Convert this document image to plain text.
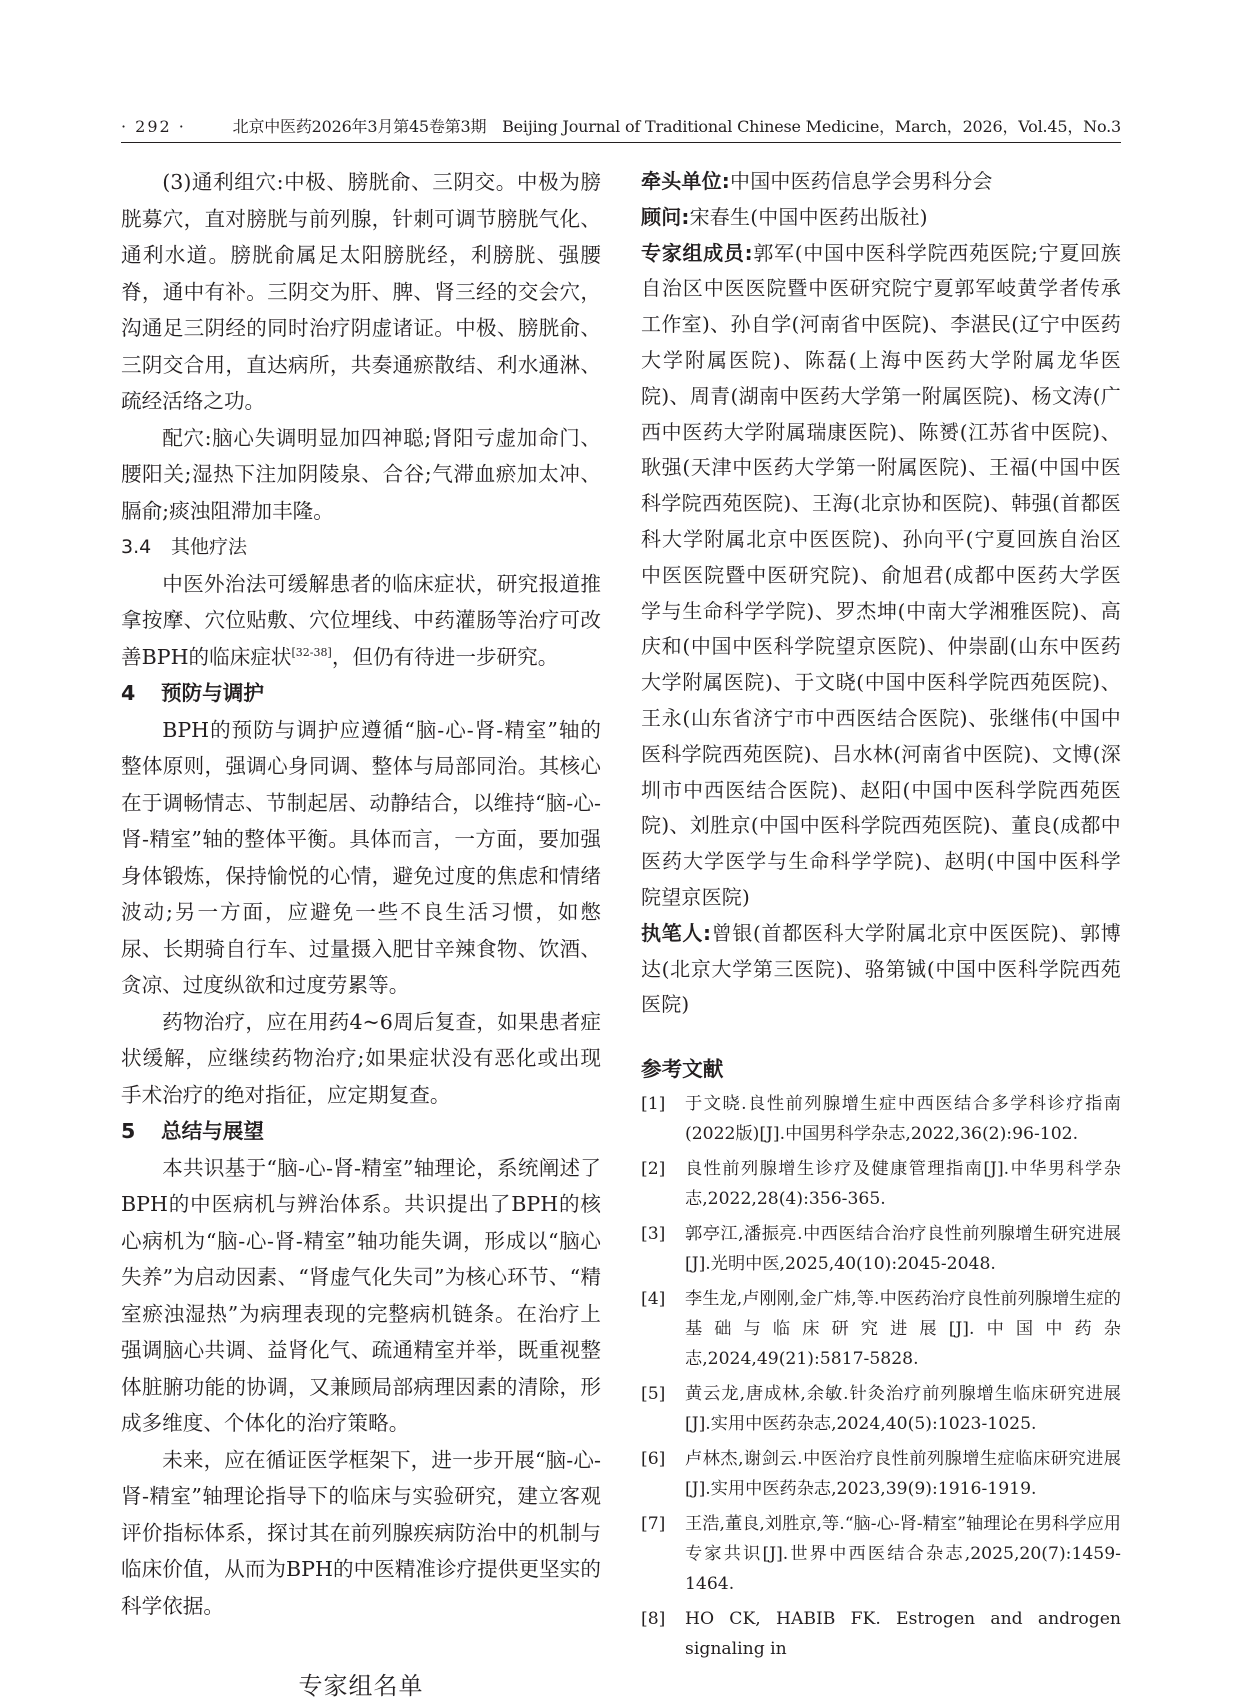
· 292 ·	北京中医药2026年3月第45卷第3期　Beijing Journal of Traditional Chinese Medicine，March，2026，Vol.45，No.3

(3)通利组穴:中极、膀胱俞、三阴交。中极为膀胱募穴，直对膀胱与前列腺，针刺可调节膀胱气化、通利水道。膀胱俞属足太阳膀胱经，利膀胱、强腰脊，通中有补。三阴交为肝、脾、肾三经的交会穴，沟通足三阴经的同时治疗阴虚诸证。中极、膀胱俞、三阴交合用，直达病所，共奏通瘀散结、利水通淋、疏经活络之功。

配穴:脑心失调明显加四神聪;肾阳亏虚加命门、腰阳关;湿热下注加阴陵泉、合谷;气滞血瘀加太冲、膈俞;痰浊阻滞加丰隆。

3.4 其他疗法

中医外治法可缓解患者的临床症状，研究报道推拿按摩、穴位贴敷、穴位埋线、中药灌肠等治疗可改善BPH的临床症状[32-38]，但仍有待进一步研究。

4 预防与调护

BPH的预防与调护应遵循“脑-心-肾-精室”轴的整体原则，强调心身同调、整体与局部同治。其核心在于调畅情志、节制起居、动静结合，以维持“脑-心-肾-精室”轴的整体平衡。具体而言，一方面，要加强身体锻炼，保持愉悦的心情，避免过度的焦虑和情绪波动;另一方面，应避免一些不良生活习惯，如憋尿、长期骑自行车、过量摄入肥甘辛辣食物、饮酒、贪凉、过度纵欲和过度劳累等。

药物治疗，应在用药4~6周后复查，如果患者症状缓解，应继续药物治疗;如果症状没有恶化或出现手术治疗的绝对指征，应定期复查。

5 总结与展望

本共识基于“脑-心-肾-精室”轴理论，系统阐述了BPH的中医病机与辨治体系。共识提出了BPH的核心病机为“脑-心-肾-精室”轴功能失调，形成以“脑心失养”为启动因素、“肾虚气化失司”为核心环节、“精室瘀浊湿热”为病理表现的完整病机链条。在治疗上强调脑心共调、益肾化气、疏通精室并举，既重视整体脏腑功能的协调，又兼顾局部病理因素的清除，形成多维度、个体化的治疗策略。

未来，应在循证医学框架下，进一步开展“脑-心-肾-精室”轴理论指导下的临床与实验研究，建立客观评价指标体系，探讨其在前列腺疾病防治中的机制与临床价值，从而为BPH的中医精准诊疗提供更坚实的科学依据。

专家组名单

牵头单位:中国中医药信息学会男科分会

顾问:宋春生(中国中医药出版社)

专家组成员:郭军(中国中医科学院西苑医院;宁夏回族自治区中医医院暨中医研究院宁夏郭军岐黄学者传承工作室)、孙自学(河南省中医院)、李湛民(辽宁中医药大学附属医院)、陈磊(上海中医药大学附属龙华医院)、周青(湖南中医药大学第一附属医院)、杨文涛(广西中医药大学附属瑞康医院)、陈赟(江苏省中医院)、耿强(天津中医药大学第一附属医院)、王福(中国中医科学院西苑医院)、王海(北京协和医院)、韩强(首都医科大学附属北京中医医院)、孙向平(宁夏回族自治区中医医院暨中医研究院)、俞旭君(成都中医药大学医学与生命科学学院)、罗杰坤(中南大学湘雅医院)、高庆和(中国中医科学院望京医院)、仲崇副(山东中医药大学附属医院)、于文晓(中国中医科学院西苑医院)、王永(山东省济宁市中西医结合医院)、张继伟(中国中医科学院西苑医院)、吕水林(河南省中医院)、文博(深圳市中西医结合医院)、赵阳(中国中医科学院西苑医院)、刘胜京(中国中医科学院西苑医院)、董良(成都中医药大学医学与生命科学学院)、赵明(中国中医科学院望京医院)

执笔人:曾银(首都医科大学附属北京中医医院)、郭博达(北京大学第三医院)、骆第铖(中国中医科学院西苑医院)

参考文献
[1]	于文晓.良性前列腺增生症中西医结合多学科诊疗指南(2022版)[J].中国男科学杂志,2022,36(2):96-102.
[2]	良性前列腺增生诊疗及健康管理指南[J].中华男科学杂志,2022,28(4):356-365.
[3]	郭亭江,潘振亮.中西医结合治疗良性前列腺增生研究进展[J].光明中医,2025,40(10):2045-2048.
[4]	李生龙,卢刚刚,金广炜,等.中医药治疗良性前列腺增生症的基础与临床研究进展[J].中国中药杂志,2024,49(21):5817-5828.
[5]	黄云龙,唐成林,余敏.针灸治疗前列腺增生临床研究进展[J].实用中医药杂志,2024,40(5):1023-1025.
[6]	卢林杰,谢剑云.中医治疗良性前列腺增生症临床研究进展[J].实用中医药杂志,2023,39(9):1916-1919.
[7]	王浩,董良,刘胜京,等.“脑-心-肾-精室”轴理论在男科学应用专家共识[J].世界中西医结合杂志,2025,20(7):1459-1464.
[8]	HO CK, HABIB FK. Estrogen and androgen signaling in
